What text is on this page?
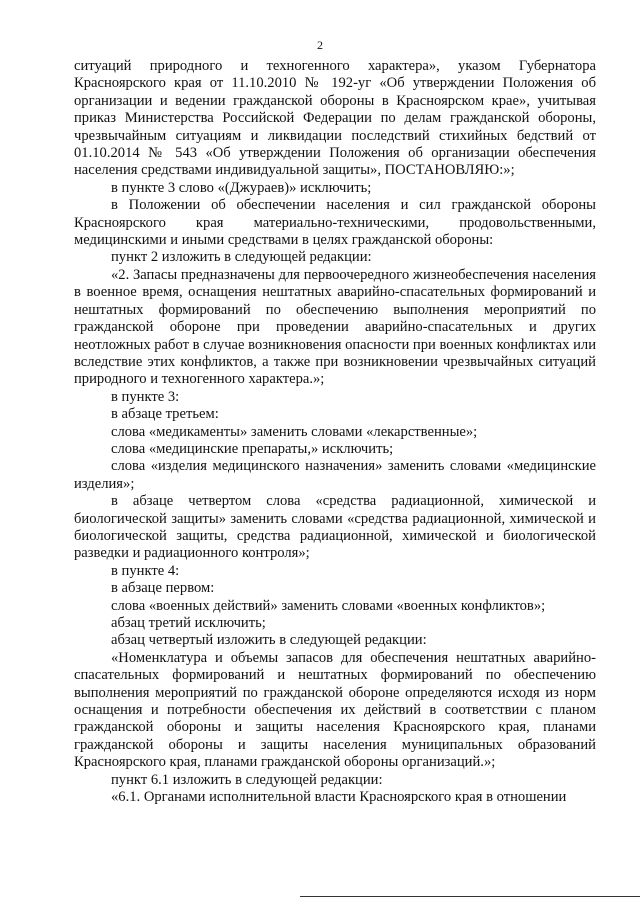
2

ситуаций природного и техногенного характера», указом Губернатора Красноярского края от 11.10.2010 № 192-уг «Об утверждении Положения об организации и ведении гражданской обороны в Красноярском крае», учитывая приказ Министерства Российской Федерации по делам гражданской обороны, чрезвычайным ситуациям и ликвидации последствий стихийных бедствий от 01.10.2014 № 543 «Об утверждении Положения об организации обеспечения населения средствами индивидуальной защиты», ПОСТАНОВЛЯЮ:»;

в пункте 3 слово «(Джураев)» исключить;

в Положении об обеспечении населения и сил гражданской обороны Красноярского края материально-техническими, продовольственными, медицинскими и иными средствами в целях гражданской обороны:

пункт 2 изложить в следующей редакции:

«2. Запасы предназначены для первоочередного жизнеобеспечения населения в военное время, оснащения нештатных аварийно-спасательных формирований и нештатных формирований по обеспечению выполнения мероприятий по гражданской обороне при проведении аварийно-спасательных и других неотложных работ в случае возникновения опасности при военных конфликтах или вследствие этих конфликтов, а также при возникновении чрезвычайных ситуаций природного и техногенного характера.»;

в пункте 3:

в абзаце третьем:

слова «медикаменты» заменить словами «лекарственные»;

слова «медицинские препараты,» исключить;

слова «изделия медицинского назначения» заменить словами «медицинские изделия»;

в абзаце четвертом слова «средства радиационной, химической и биологической защиты» заменить словами «средства радиационной, химической и биологической защиты, средства радиационной, химической и биологической разведки и радиационного контроля»;

в пункте 4:

в абзаце первом:

слова «военных действий» заменить словами «военных конфликтов»;

абзац третий исключить;

абзац четвертый изложить в следующей редакции:

«Номенклатура и объемы запасов для обеспечения нештатных аварийно-спасательных формирований и нештатных формирований по обеспечению выполнения мероприятий по гражданской обороне определяются исходя из норм оснащения и потребности обеспечения их действий в соответствии с планом гражданской обороны и защиты населения Красноярского края, планами гражданской обороны и защиты населения муниципальных образований Красноярского края, планами гражданской обороны организаций.»;

пункт 6.1 изложить в следующей редакции:

«6.1. Органами исполнительной власти Красноярского края в отношении
